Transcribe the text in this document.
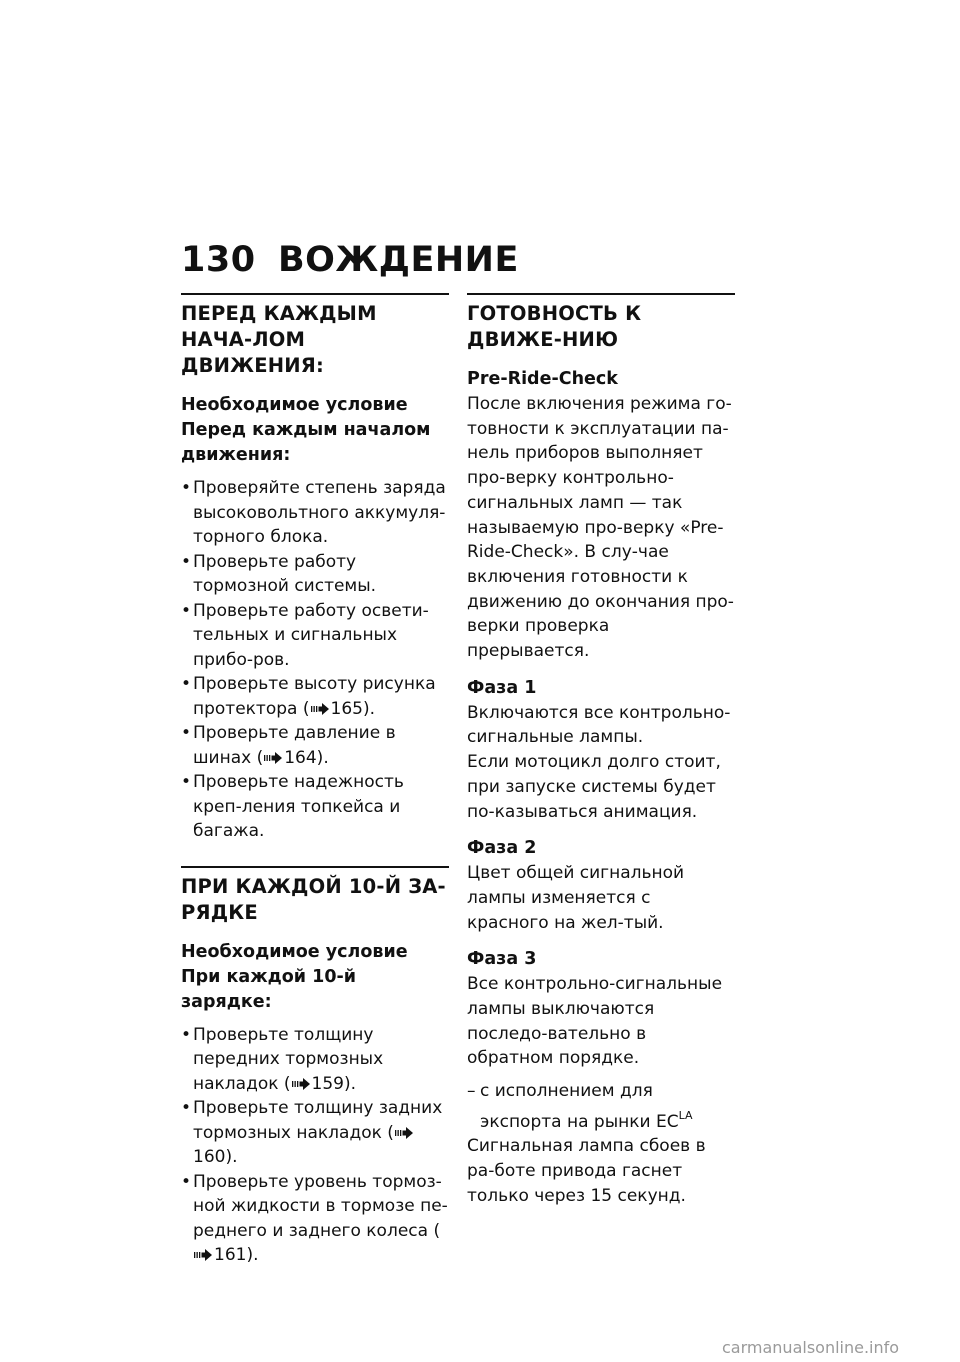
130 ВОЖДЕНИЕ
ПЕРЕД КАЖДЫМ НАЧА-ЛОМ ДВИЖЕНИЯ:
Необходимое условие
Перед каждым началом движения:
• Проверяйте степень заряда высоковольтного аккумуля-торного блока.
• Проверьте работу тормозной системы.
• Проверьте работу освети-тельных и сигнальных прибо-ров.
• Проверьте высоту рисунка протектора ( 165).
• Проверьте давление в шинах ( 164).
• Проверьте надежность креп-ления топкейса и багажа.
ПРИ КАЖДОЙ 10-Й ЗА-РЯДКЕ
Необходимое условие
При каждой 10-й зарядке:
• Проверьте толщину передних тормозных накладок ( 159).
• Проверьте толщину задних тормозных накладок (160).
• Проверьте уровень тормоз-ной жидкости в тормозе пе-реднего и заднего колеса (161).
ГОТОВНОСТЬ К ДВИЖЕ-НИЮ
Pre-Ride-Check

После включения режима го-товности к эксплуатации па-нель приборов выполняет про-верку контрольно-сигнальных ламп — так называемую про-верку «Pre-Ride-Check». В слу-чае включения готовности к движению до окончания про-верки проверка прерывается.

Фаза 1

Включаются все контрольно-сигнальные лампы.

Если мотоцикл долго стоит, при запуске системы будет по-казываться анимация.

Фаза 2

Цвет общей сигнальной лампы изменяется с красного на жел-тый.

Фаза 3

Все контрольно-сигнальные лампы выключаются последо-вательно в обратном порядке.

– с исполнением для экспорта на рынки $ЕС^{LA}$

Сигнальная лампа сбоев в ра-боте привода гаснет только через 15 секунд.

carmanualsonline.info
